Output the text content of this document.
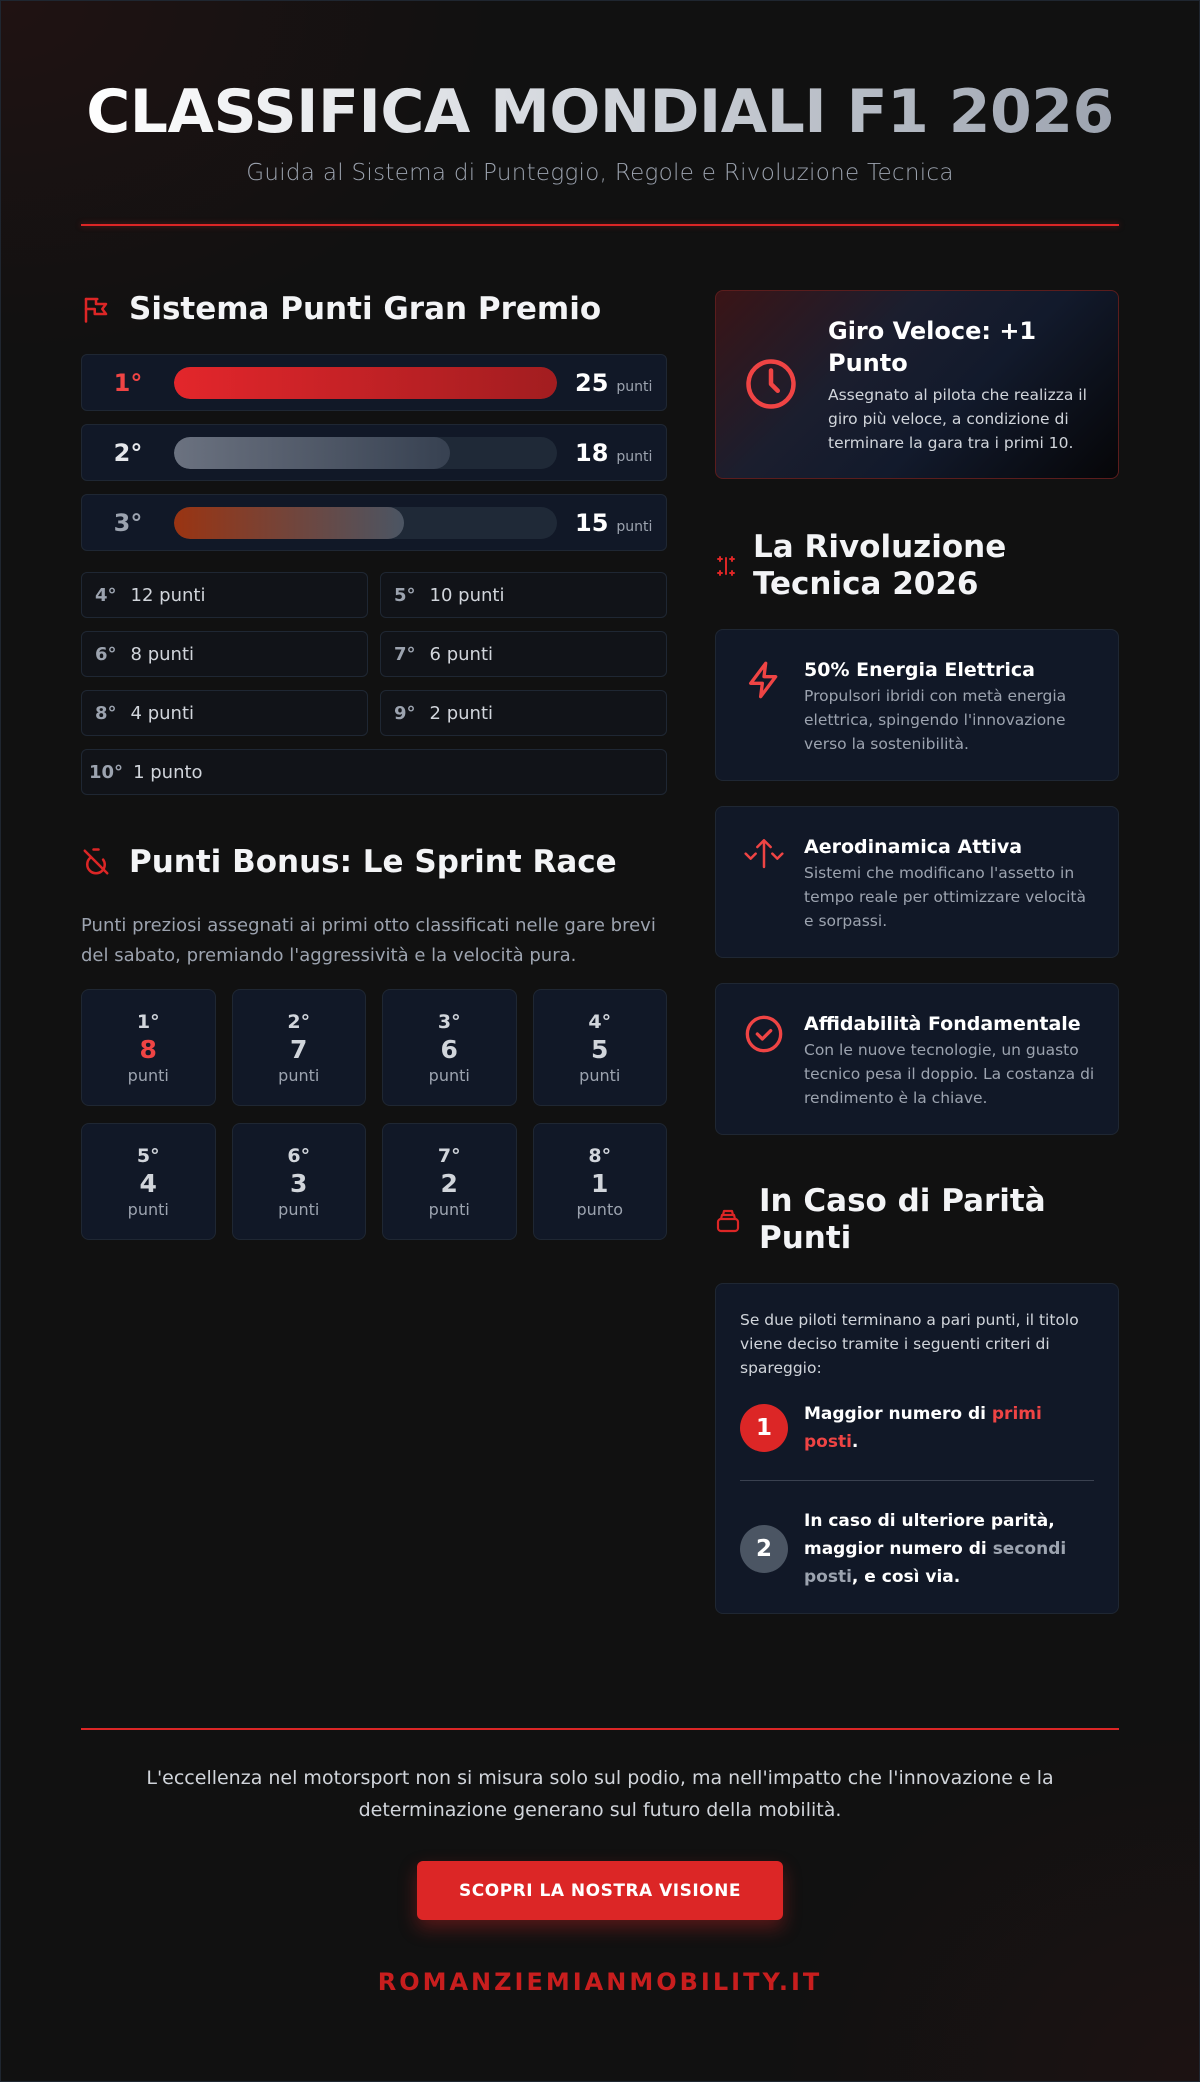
CLASSIFICA MONDIALI F1 2026
Guida al Sistema di Punteggio, Regole e Rivoluzione Tecnica
Sistema Punti Gran Premio
1°	25 punti
2°	18 punti
3°	15 punti
4° 12 punti	5° 10 punti
6° 8 punti	7° 6 punti
8° 4 punti	9° 2 punti
10° 1 punto
Punti Bonus: Le Sprint Race

Punti preziosi assegnati ai primi otto classificati nelle gare brevi del sabato, premiando l'aggressività e la velocità pura.

1°
8
punti
2°
7
punti
3°
6
punti
4°
5
punti
5°
4
punti
6°
3
punti
7°
2
punti
8°
1
punto
Giro Veloce: +1 Punto

Assegnato al pilota che realizza il giro più veloce, a condizione di terminare la gara tra i primi 10.

La Rivoluzione Tecnica 2026
50% Energia Elettrica

Propulsori ibridi con metà energia elettrica, spingendo l'innovazione verso la sostenibilità.

Aerodinamica Attiva

Sistemi che modificano l'assetto in tempo reale per ottimizzare velocità e sorpassi.

Affidabilità Fondamentale

Con le nuove tecnologie, un guasto tecnico pesa il doppio. La costanza di rendimento è la chiave.

In Caso di Parità Punti

Se due piloti terminano a pari punti, il titolo viene deciso tramite i seguenti criteri di spareggio:

1
Maggior numero di primi posti.
2
In caso di ulteriore parità, maggior numero di secondi posti, e così via.

L'eccellenza nel motorsport non si misura solo sul podio, ma nell'impatto che l'innovazione e la determinazione generano sul futuro della mobilità.

SCOPRI LA NOSTRA VISIONE
ROMANZIEMIANMOBILITY.IT
